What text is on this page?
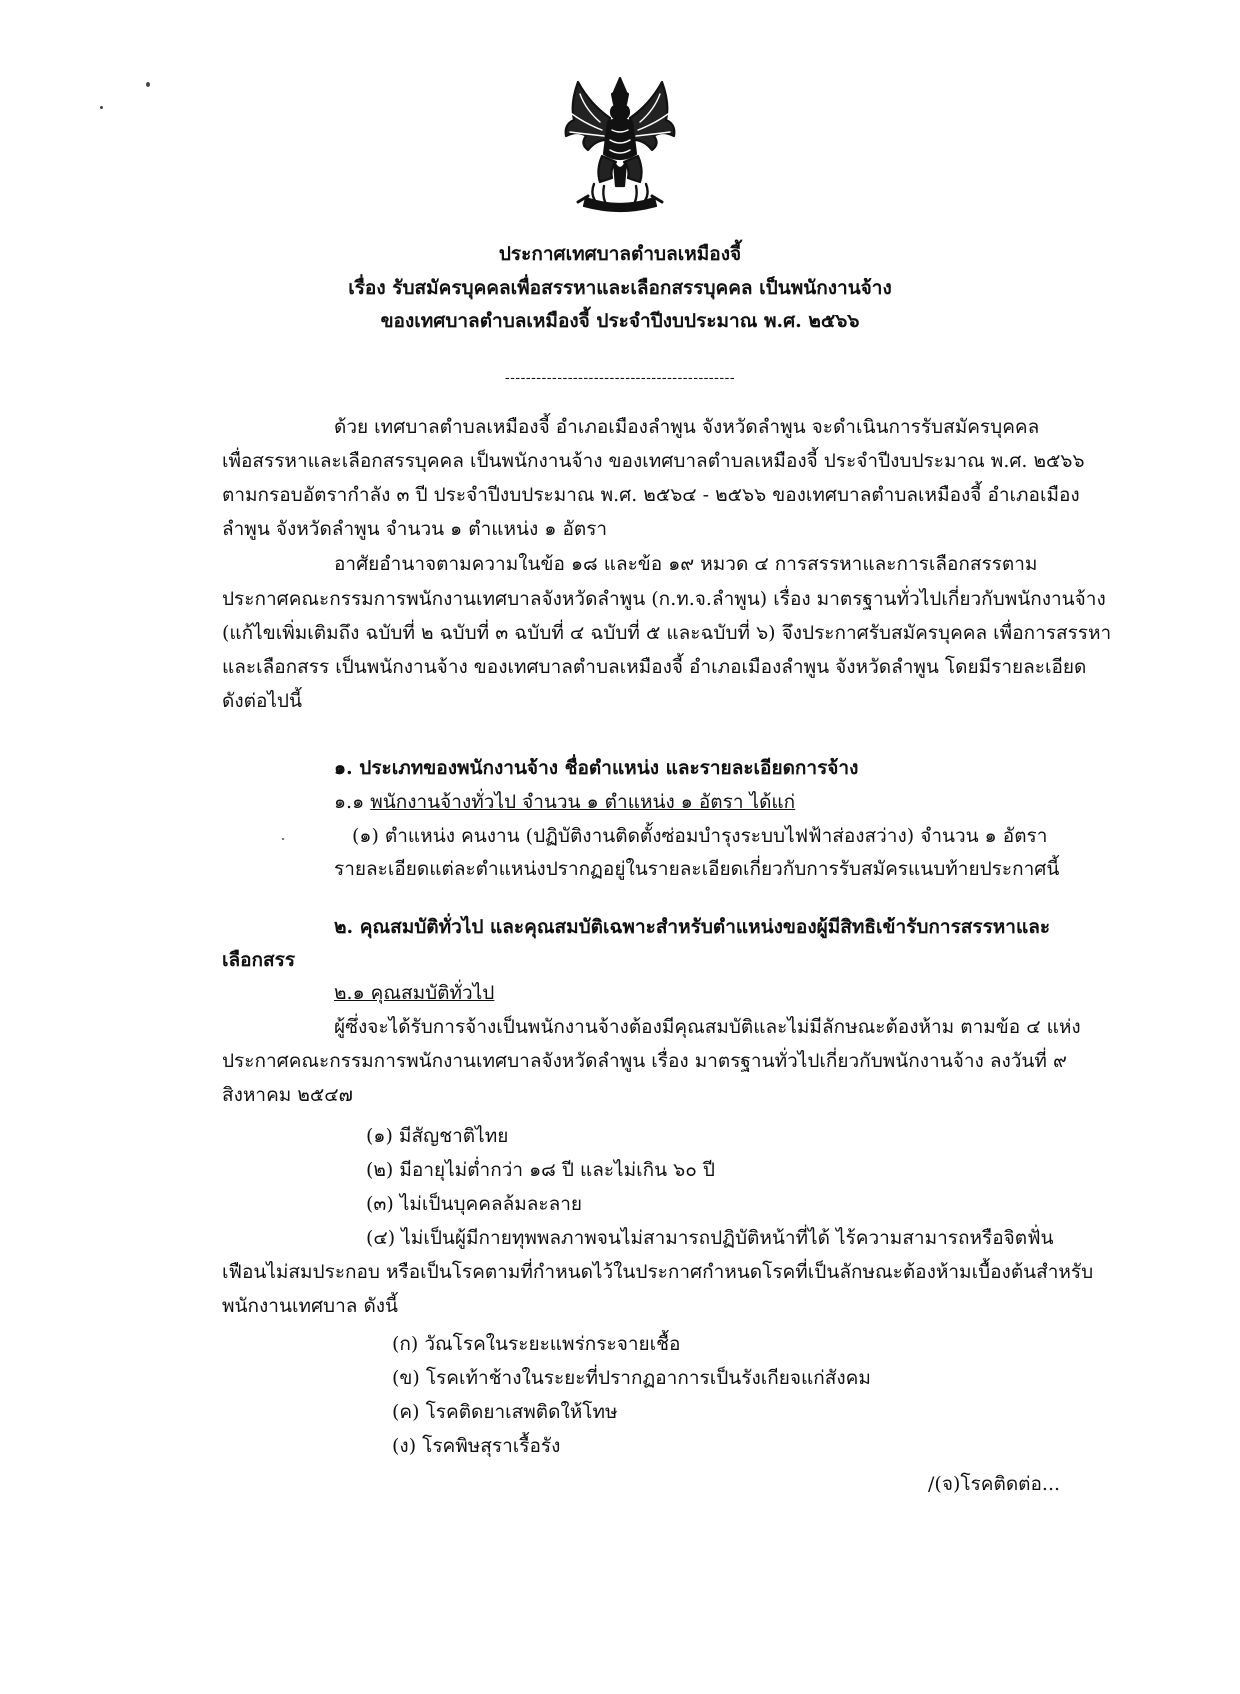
ประกาศเทศบาลตำบลเหมืองจี้
เรื่อง รับสมัครบุคคลเพื่อสรรหาและเลือกสรรบุคคล เป็นพนักงานจ้าง
ของเทศบาลตำบลเหมืองจี้ ประจำปีงบประมาณ พ.ศ. ๒๕๖๖
--------------------------------------------
ด้วย เทศบาลตำบลเหมืองจี้ อำเภอเมืองลำพูน จังหวัดลำพูน จะดำเนินการรับสมัครบุคคล
เพื่อสรรหาและเลือกสรรบุคคล เป็นพนักงานจ้าง ของเทศบาลตำบลเหมืองจี้ ประจำปีงบประมาณ พ.ศ. ๒๕๖๖
ตามกรอบอัตรากำลัง ๓ ปี ประจำปีงบประมาณ พ.ศ. ๒๕๖๔ - ๒๕๖๖ ของเทศบาลตำบลเหมืองจี้ อำเภอเมือง
ลำพูน จังหวัดลำพูน จำนวน ๑ ตำแหน่ง ๑ อัตรา
อาศัยอำนาจตามความในข้อ ๑๘ และข้อ ๑๙ หมวด ๔ การสรรหาและการเลือกสรรตาม
ประกาศคณะกรรมการพนักงานเทศบาลจังหวัดลำพูน (ก.ท.จ.ลำพูน) เรื่อง มาตรฐานทั่วไปเกี่ยวกับพนักงานจ้าง
(แก้ไขเพิ่มเติมถึง ฉบับที่ ๒ ฉบับที่ ๓ ฉบับที่ ๔ ฉบับที่ ๕ และฉบับที่ ๖) จึงประกาศรับสมัครบุคคล เพื่อการสรรหา
และเลือกสรร เป็นพนักงานจ้าง ของเทศบาลตำบลเหมืองจี้ อำเภอเมืองลำพูน จังหวัดลำพูน โดยมีรายละเอียด
ดังต่อไปนี้
๑. ประเภทของพนักงานจ้าง ชื่อตำแหน่ง และรายละเอียดการจ้าง
๑.๑ พนักงานจ้างทั่วไป จำนวน ๑ ตำแหน่ง ๑ อัตรา ได้แก่
(๑) ตำแหน่ง คนงาน (ปฏิบัติงานติดตั้งซ่อมบำรุงระบบไฟฟ้าส่องสว่าง) จำนวน ๑ อัตรา
รายละเอียดแต่ละตำแหน่งปรากฏอยู่ในรายละเอียดเกี่ยวกับการรับสมัครแนบท้ายประกาศนี้
๒. คุณสมบัติทั่วไป และคุณสมบัติเฉพาะสำหรับตำแหน่งของผู้มีสิทธิเข้ารับการสรรหาและ
เลือกสรร
๒.๑ คุณสมบัติทั่วไป
ผู้ซึ่งจะได้รับการจ้างเป็นพนักงานจ้างต้องมีคุณสมบัติและไม่มีลักษณะต้องห้าม ตามข้อ ๔ แห่ง
ประกาศคณะกรรมการพนักงานเทศบาลจังหวัดลำพูน เรื่อง มาตรฐานทั่วไปเกี่ยวกับพนักงานจ้าง ลงวันที่ ๙
สิงหาคม ๒๕๔๗
(๑) มีสัญชาติไทย
(๒) มีอายุไม่ต่ำกว่า ๑๘ ปี และไม่เกิน ๖๐ ปี
(๓) ไม่เป็นบุคคลล้มละลาย
(๔) ไม่เป็นผู้มีกายทุพพลภาพจนไม่สามารถปฏิบัติหน้าที่ได้ ไร้ความสามารถหรือจิตฟั่น
เฟือนไม่สมประกอบ หรือเป็นโรคตามที่กำหนดไว้ในประกาศกำหนดโรคที่เป็นลักษณะต้องห้ามเบื้องต้นสำหรับ
พนักงานเทศบาล ดังนี้
(ก) วัณโรคในระยะแพร่กระจายเชื้อ
(ข) โรคเท้าช้างในระยะที่ปรากฏอาการเป็นรังเกียจแก่สังคม
(ค) โรคติดยาเสพติดให้โทษ
(ง) โรคพิษสุราเรื้อรัง
/(จ)โรคติดต่อ...
